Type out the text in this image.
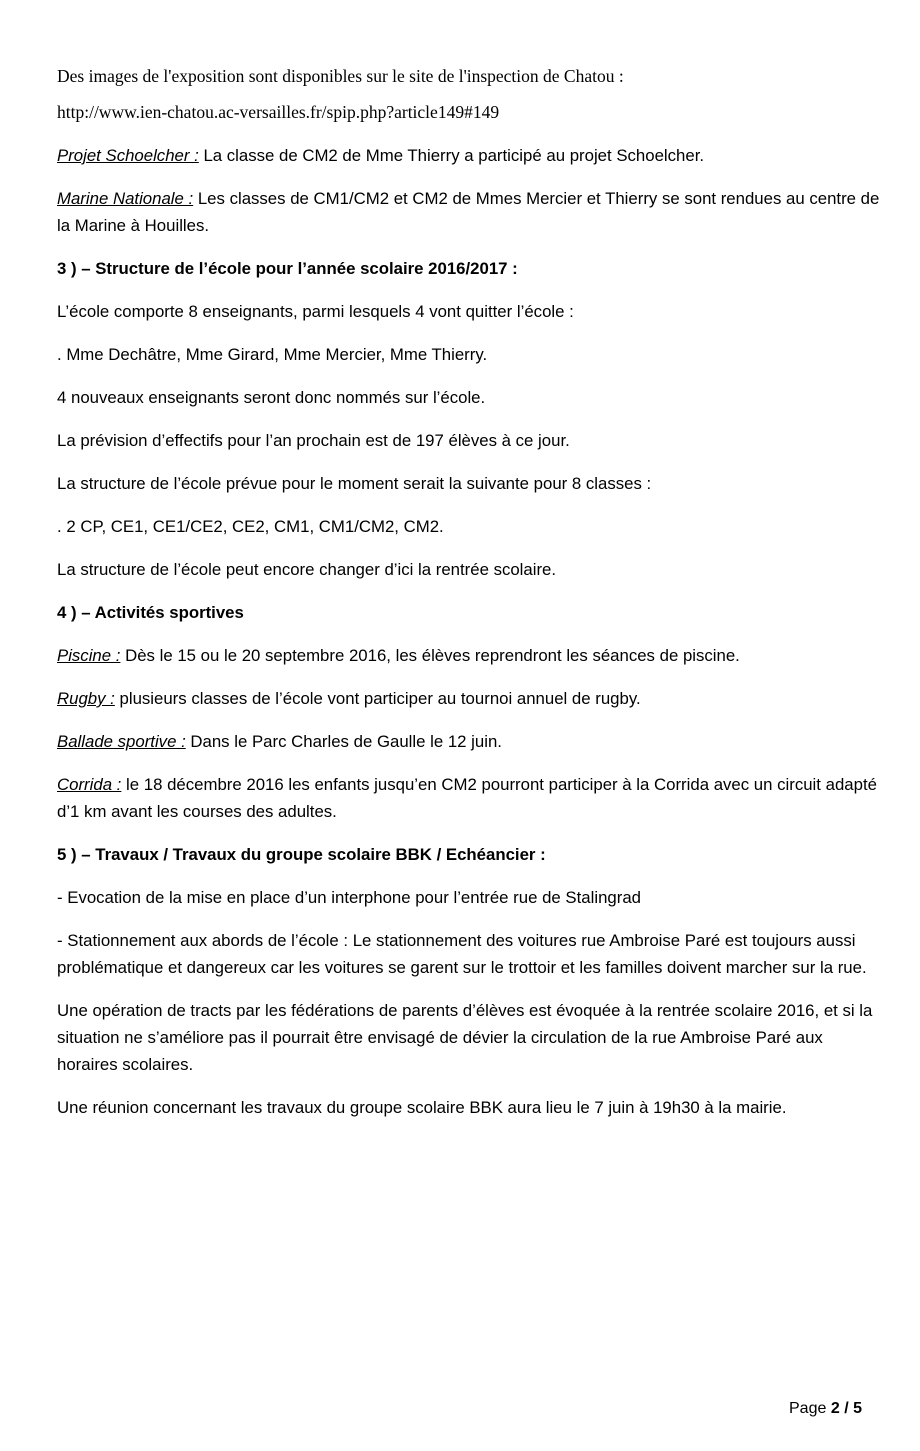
Des images de l'exposition sont disponibles sur le site de l'inspection de Chatou :
http://www.ien-chatou.ac-versailles.fr/spip.php?article149#149

Projet Schoelcher : La classe de CM2 de Mme Thierry a participé au projet Schoelcher.

Marine Nationale : Les classes de CM1/CM2 et CM2 de Mmes Mercier et Thierry se sont rendues au centre de la Marine à Houilles.

3 ) – Structure de l’école pour l’année scolaire 2016/2017 :

L’école comporte 8 enseignants, parmi lesquels 4 vont quitter l’école :

. Mme Dechâtre, Mme Girard, Mme Mercier, Mme Thierry.

4 nouveaux enseignants seront donc nommés sur l’école.

La prévision d’effectifs pour l’an prochain est de 197 élèves à ce jour.

La structure de l’école prévue pour le moment serait la suivante pour 8 classes :

. 2 CP, CE1, CE1/CE2, CE2, CM1, CM1/CM2, CM2.

La structure de l’école peut encore changer d’ici la rentrée scolaire.

4 ) – Activités sportives

Piscine : Dès le 15 ou le 20 septembre 2016, les élèves reprendront les séances de piscine.

Rugby : plusieurs classes de l’école vont participer au tournoi annuel de rugby.

Ballade sportive : Dans le Parc Charles de Gaulle le 12 juin.

Corrida : le 18 décembre 2016 les enfants jusqu’en CM2 pourront participer à la Corrida avec un circuit adapté d’1 km avant les courses des adultes.

5 ) – Travaux / Travaux du groupe scolaire BBK / Echéancier :

- Evocation de la mise en place d’un interphone pour l’entrée rue de Stalingrad

- Stationnement aux abords de l’école : Le stationnement des voitures rue Ambroise Paré est toujours aussi problématique et dangereux car les voitures se garent sur le trottoir et les familles doivent marcher sur la rue.

Une opération de tracts par les fédérations de parents d’élèves est évoquée à la rentrée scolaire 2016, et si la situation ne s’améliore pas il pourrait être envisagé de dévier la circulation de la rue Ambroise Paré aux horaires scolaires.

Une réunion concernant les travaux du groupe scolaire BBK aura lieu le 7 juin à 19h30 à la mairie.

Page 2 / 5
